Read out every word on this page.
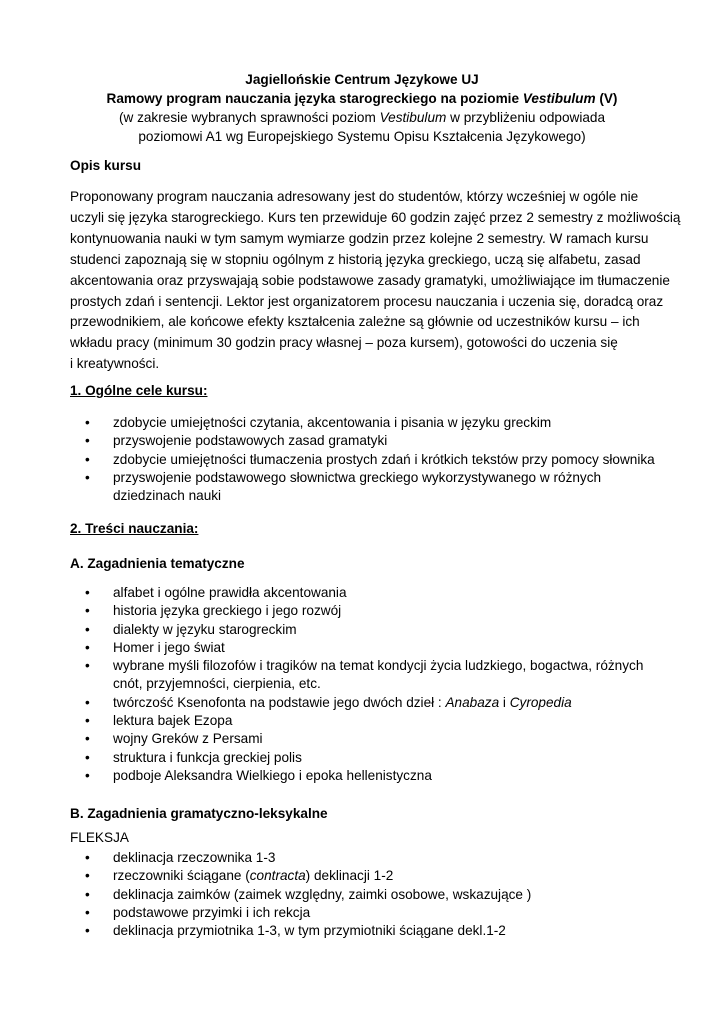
Jagiellońskie Centrum Językowe UJ
Ramowy program nauczania języka starogreckiego na poziomie Vestibulum (V)
(w zakresie wybranych sprawności poziom Vestibulum w przybliżeniu odpowiada
poziomowi A1 wg Europejskiego Systemu Opisu Kształcenia Językowego)
Opis kursu
Proponowany program nauczania adresowany jest do studentów, którzy wcześniej w ogóle nie
uczyli się języka starogreckiego. Kurs ten przewiduje 60 godzin zajęć przez 2 semestry z możliwością
kontynuowania nauki w tym samym wymiarze godzin przez kolejne 2 semestry. W ramach kursu
studenci zapoznają się w stopniu ogólnym z historią języka greckiego, uczą się alfabetu, zasad
akcentowania oraz przyswajają sobie podstawowe zasady gramatyki, umożliwiające im tłumaczenie
prostych zdań i sentencji. Lektor jest organizatorem procesu nauczania i uczenia się, doradcą oraz
przewodnikiem, ale końcowe efekty kształcenia zależne są głównie od uczestników kursu – ich
wkładu pracy (minimum 30 godzin pracy własnej – poza kursem), gotowości do uczenia się
i kreatywności.
1. Ogólne cele kursu:
• zdobycie umiejętności czytania, akcentowania i pisania w języku greckim
• przyswojenie podstawowych zasad gramatyki
• zdobycie umiejętności tłumaczenia prostych zdań i krótkich tekstów przy pomocy słownika
• przyswojenie podstawowego słownictwa greckiego wykorzystywanego w różnych
dziedzinach nauki
2. Treści nauczania:
A. Zagadnienia tematyczne
• alfabet i ogólne prawidła akcentowania
• historia języka greckiego i jego rozwój
• dialekty w języku starogreckim
• Homer i jego świat
• wybrane myśli filozofów i tragików na temat kondycji życia ludzkiego, bogactwa, różnych
cnót, przyjemności, cierpienia, etc.
• twórczość Ksenofonta na podstawie jego dwóch dzieł : Anabaza i Cyropedia
• lektura bajek Ezopa
• wojny Greków z Persami
• struktura i funkcja greckiej polis
• podboje Aleksandra Wielkiego i epoka hellenistyczna
B. Zagadnienia gramatyczno-leksykalne
FLEKSJA
• deklinacja rzeczownika 1-3
• rzeczowniki ściągane (contracta) deklinacji 1-2
• deklinacja zaimków (zaimek względny, zaimki osobowe, wskazujące )
• podstawowe przyimki i ich rekcja
• deklinacja przymiotnika 1-3, w tym przymiotniki ściągane dekl.1-2
